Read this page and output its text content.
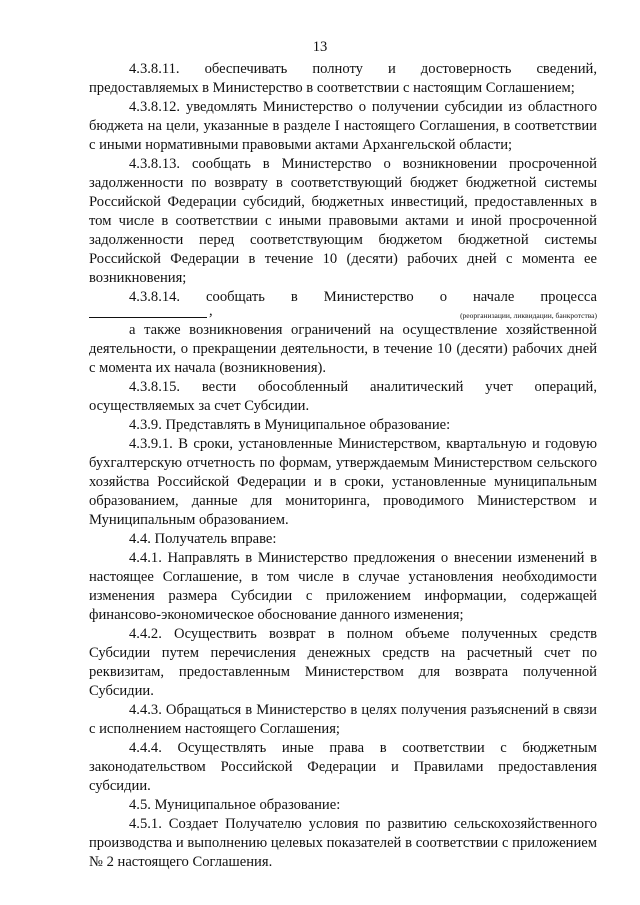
13

4.3.8.11. обеспечивать полноту и достоверность сведений, предоставляемых в Министерство в соответствии с настоящим Соглашением;

4.3.8.12. уведомлять Министерство о получении субсидии из областного бюджета на цели, указанные в разделе I настоящего Соглашения, в соответствии с иными нормативными правовыми актами Архангельской области;

4.3.8.13. сообщать в Министерство о возникновении просроченной задолженности по возврату в соответствующий бюджет бюджетной системы Российской Федерации субсидий, бюджетных инвестиций, предоставленных в том числе в соответствии с иными правовыми актами и иной просроченной задолженности перед соответствующим бюджетом бюджетной системы Российской Федерации в течение 10 (десяти) рабочих дней с момента ее возникновения;

4.3.8.14. сообщать в Министерство о начале процесса

,	(реорганизации, ликвидации, банкротства)

а также возникновения ограничений на осуществление хозяйственной деятельности, о прекращении деятельности, в течение 10 (десяти) рабочих дней с момента их начала (возникновения).

4.3.8.15. вести обособленный аналитический учет операций, осуществляемых за счет Субсидии.

4.3.9. Представлять в Муниципальное образование:

4.3.9.1. В сроки, установленные Министерством, квартальную и годовую бухгалтерскую отчетность по формам, утверждаемым Министерством сельского хозяйства Российской Федерации и в сроки, установленные муниципальным образованием, данные для мониторинга, проводимого Министерством и Муниципальным образованием.

4.4. Получатель вправе:

4.4.1. Направлять в Министерство предложения о внесении изменений в настоящее Соглашение, в том числе в случае установления необходимости изменения размера Субсидии с приложением информации, содержащей финансово-экономическое обоснование данного изменения;

4.4.2. Осуществить возврат в полном объеме полученных средств Субсидии путем перечисления денежных средств на расчетный счет по реквизитам, предоставленным Министерством для возврата полученной Субсидии.

4.4.3. Обращаться в Министерство в целях получения разъяснений в связи с исполнением настоящего Соглашения;

4.4.4. Осуществлять иные права в соответствии с бюджетным законодательством Российской Федерации и Правилами предоставления субсидии.

4.5. Муниципальное образование:

4.5.1. Создает Получателю условия по развитию сельскохозяйственного производства и выполнению целевых показателей в соответствии с приложением № 2 настоящего Соглашения.
